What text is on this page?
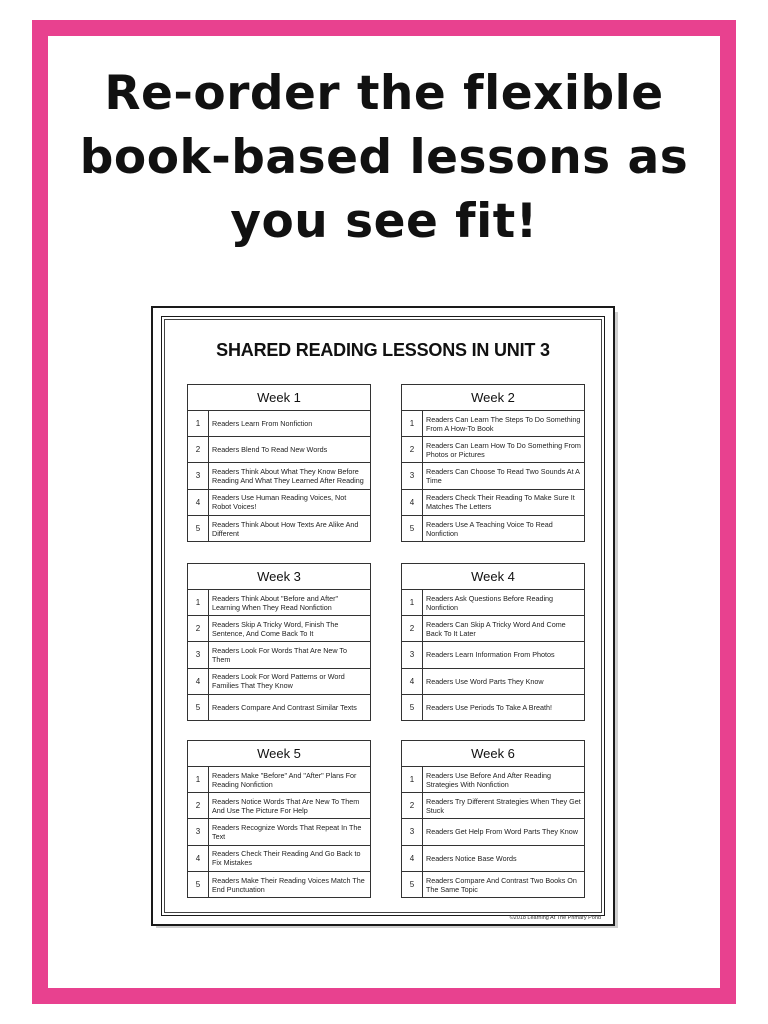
Re-order the flexible
book-based lessons as
you see fit!
SHARED READING LESSONS IN UNIT 3
Week 1
1	Readers Learn From Nonfiction
2	Readers Blend To Read New Words
3	Readers Think About What They Know Before Reading And What They Learned After Reading
4	Readers Use Human Reading Voices, Not Robot Voices!
5	Readers Think About How Texts Are Alike And Different
Week 2
1	Readers Can Learn The Steps To Do Something From A How-To Book
2	Readers Can Learn How To Do Something From Photos or Pictures
3	Readers Can Choose To Read Two Sounds At A Time
4	Readers Check Their Reading To Make Sure It Matches The Letters
5	Readers Use A Teaching Voice To Read Nonfiction
Week 3
1	Readers Think About "Before and After" Learning When They Read Nonfiction
2	Readers Skip A Tricky Word, Finish The Sentence, And Come Back To It
3	Readers Look For Words That Are New To Them
4	Readers Look For Word Patterns or Word Families That They Know
5	Readers Compare And Contrast Similar Texts
Week 4
1	Readers Ask Questions Before Reading Nonfiction
2	Readers Can Skip A Tricky Word And Come Back To It Later
3	Readers Learn Information From Photos
4	Readers Use Word Parts They Know
5	Readers Use Periods To Take A Breath!
Week 5
1	Readers Make "Before" And "After" Plans For Reading Nonfiction
2	Readers Notice Words That Are New To Them And Use The Picture For Help
3	Readers Recognize Words That Repeat In The Text
4	Readers Check Their Reading And Go Back to Fix Mistakes
5	Readers Make Their Reading Voices Match The End Punctuation
Week 6
1	Readers Use Before And After Reading Strategies With Nonfiction
2	Readers Try Different Strategies When They Get Stuck
3	Readers Get Help From Word Parts They Know
4	Readers Notice Base Words
5	Readers Compare And Contrast Two Books On The Same Topic
©2018 Learning At The Primary Pond
